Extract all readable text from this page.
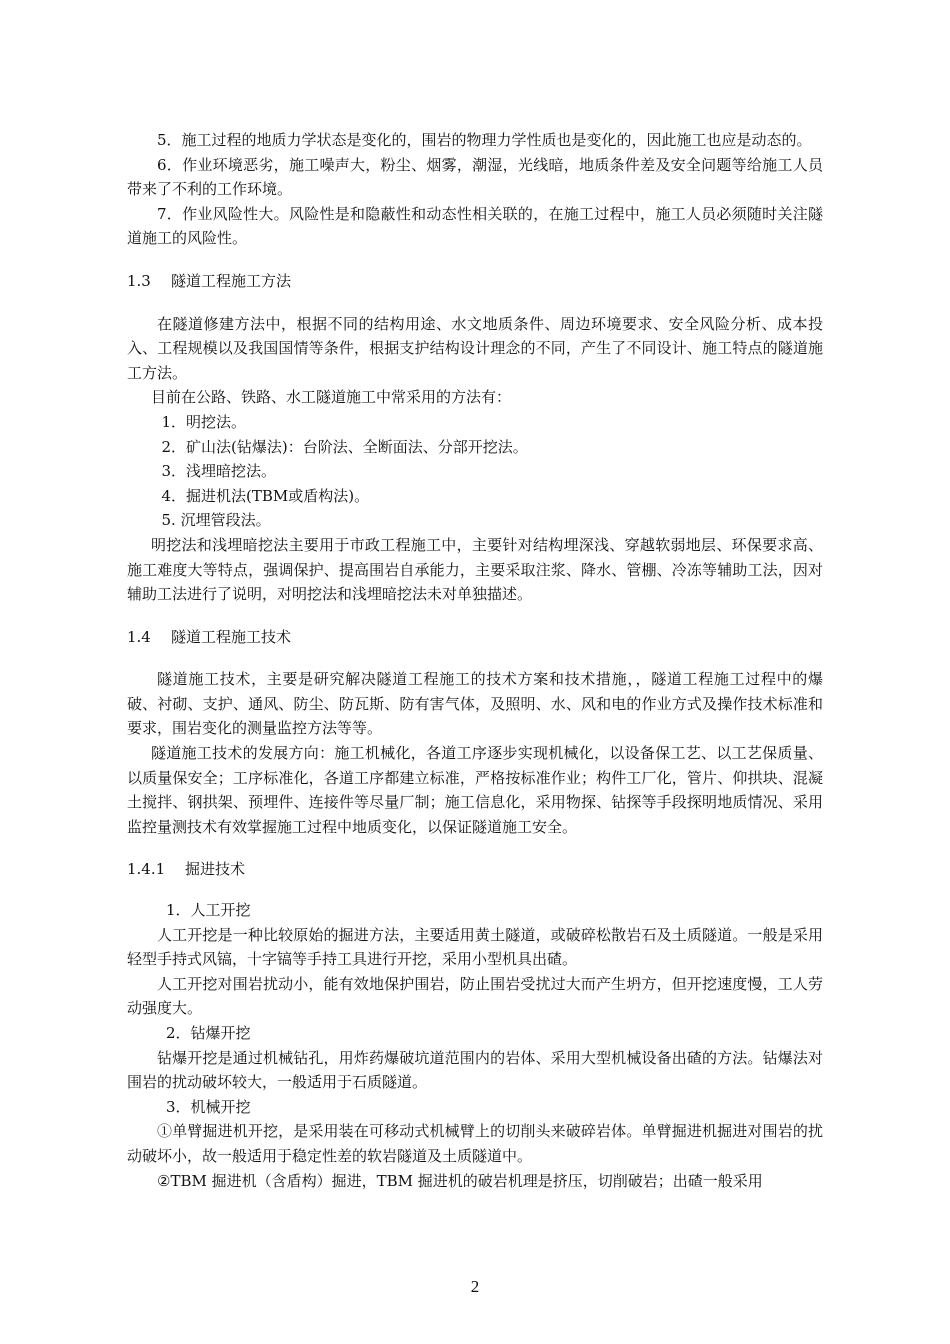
5．施工过程的地质力学状态是变化的，围岩的物理力学性质也是变化的，因此施工也应是动态的。

6．作业环境恶劣，施工噪声大，粉尘、烟雾，潮湿，光线暗，地质条件差及安全问题等给施工人员带来了不利的工作环境。

7．作业风险性大。风险性是和隐蔽性和动态性相关联的，在施工过程中，施工人员必须随时关注隧道施工的风险性。

1.3 隧道工程施工方法

在隧道修建方法中，根据不同的结构用途、水文地质条件、周边环境要求、安全风险分析、成本投入、工程规模以及我国国情等条件，根据支护结构设计理念的不同，产生了不同设计、施工特点的隧道施工方法。

目前在公路、铁路、水工隧道施工中常采用的方法有：

1．明挖法。

2．矿山法(钻爆法)：台阶法、全断面法、分部开挖法。

3．浅埋暗挖法。

4．掘进机法(TBM或盾构法)。

5. 沉埋管段法。

明挖法和浅埋暗挖法主要用于市政工程施工中，主要针对结构埋深浅、穿越软弱地层、环保要求高、施工难度大等特点，强调保护、提高围岩自承能力，主要采取注浆、降水、管棚、冷冻等辅助工法，因对辅助工法进行了说明，对明挖法和浅埋暗挖法未对单独描述。

1.4 隧道工程施工技术

隧道施工技术，主要是研究解决隧道工程施工的技术方案和技术措施，，隧道工程施工过程中的爆破、衬砌、支护、通风、防尘、防瓦斯、防有害气体，及照明、水、风和电的作业方式及操作技术标准和要求，围岩变化的测量监控方法等等。

隧道施工技术的发展方向：施工机械化，各道工序逐步实现机械化，以设备保工艺、以工艺保质量、以质量保安全；工序标准化，各道工序都建立标准，严格按标准作业；构件工厂化，管片、仰拱块、混凝土搅拌、钢拱架、预埋件、连接件等尽量厂制；施工信息化，采用物探、钻探等手段探明地质情况、采用监控量测技术有效掌握施工过程中地质变化，以保证隧道施工安全。

1.4.1 掘进技术

1．人工开挖

人工开挖是一种比较原始的掘进方法，主要适用黄土隧道，或破碎松散岩石及土质隧道。一般是采用轻型手持式风镐，十字镐等手持工具进行开挖，采用小型机具出碴。

人工开挖对围岩扰动小，能有效地保护围岩，防止围岩受扰过大而产生坍方，但开挖速度慢，工人劳动强度大。

2．钻爆开挖

钻爆开挖是通过机械钻孔，用炸药爆破坑道范围内的岩体、采用大型机械设备出碴的方法。钻爆法对围岩的扰动破坏较大，一般适用于石质隧道。

3．机械开挖

①单臂掘进机开挖，是采用装在可移动式机械臂上的切削头来破碎岩体。单臂掘进机掘进对围岩的扰动破坏小，故一般适用于稳定性差的软岩隧道及土质隧道中。

②TBM 掘进机（含盾构）掘进，TBM 掘进机的破岩机理是挤压，切削破岩；出碴一般采用

2
